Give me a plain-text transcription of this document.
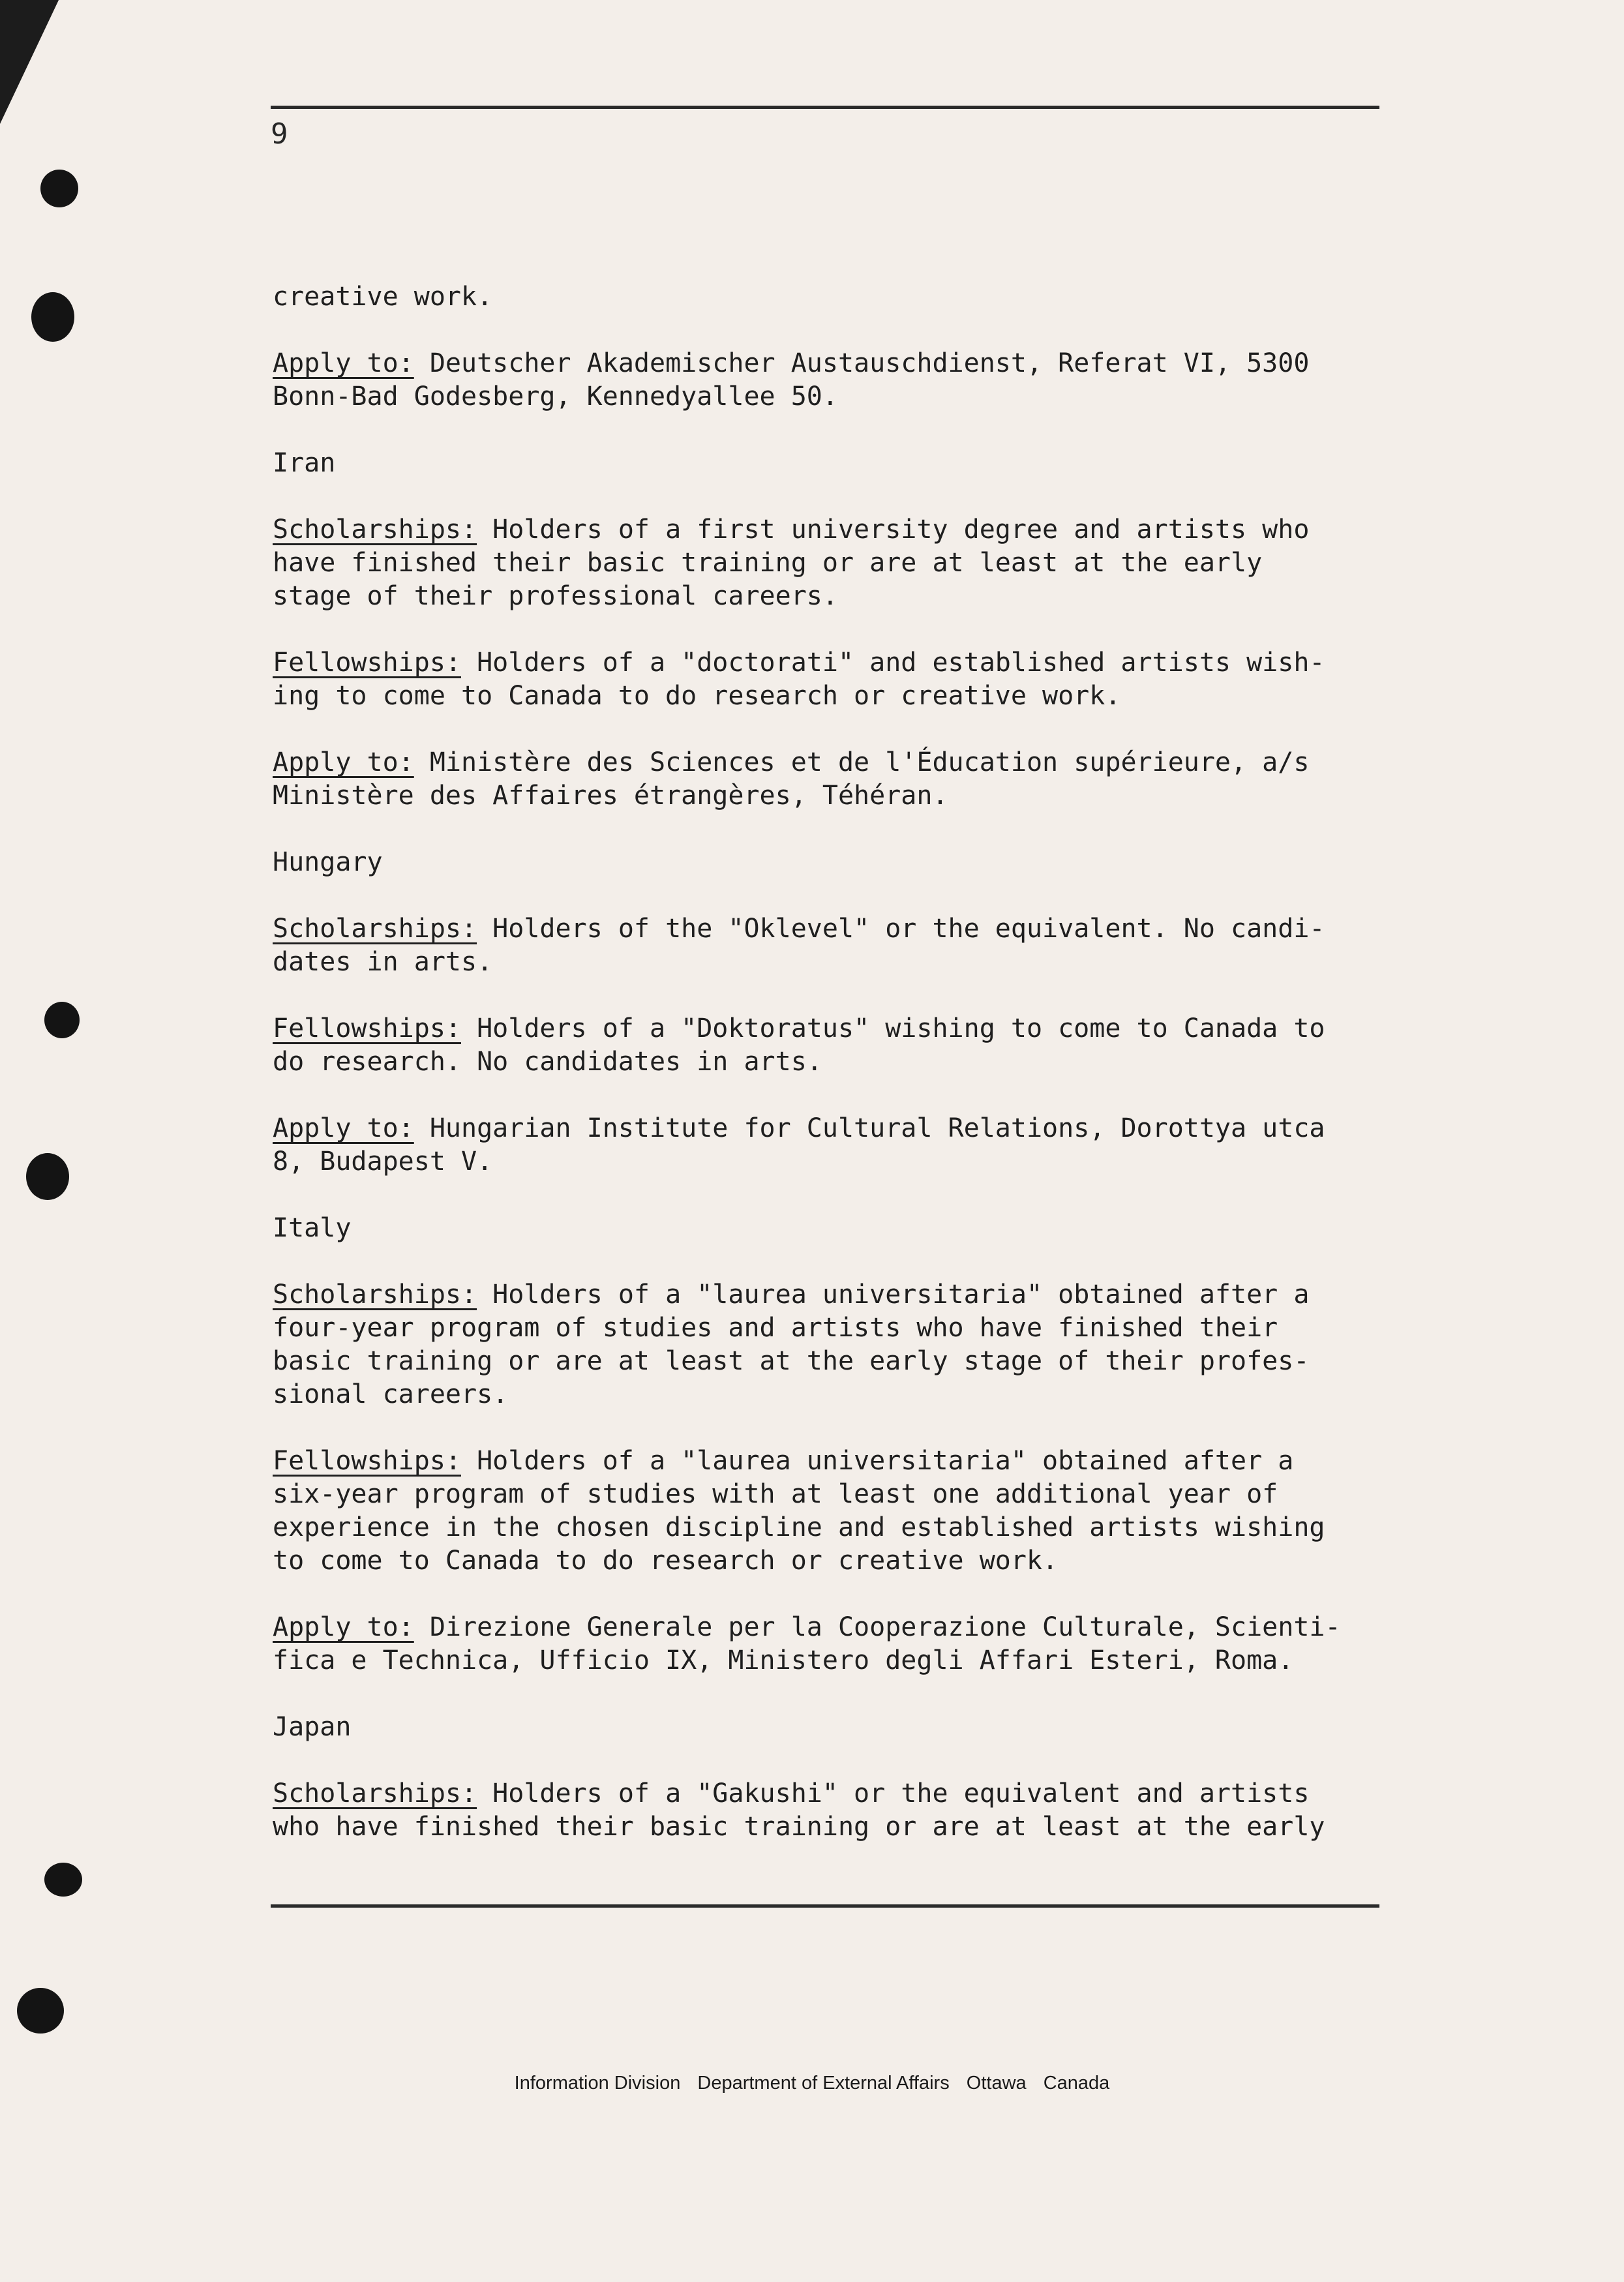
9

creative work.

Apply to: Deutscher Akademischer Austauschdienst, Referat VI, 5300
Bonn-Bad Godesberg, Kennedyallee 50.

Iran

Scholarships: Holders of a first university degree and artists who
have finished their basic training or are at least at the early
stage of their professional careers.

Fellowships: Holders of a "doctorati" and established artists wish-
ing to come to Canada to do research or creative work.

Apply to: Ministère des Sciences et de l'Éducation supérieure, a/s
Ministère des Affaires étrangères, Téhéran.

Hungary

Scholarships: Holders of the "Oklevel" or the equivalent. No candi-
dates in arts.

Fellowships: Holders of a "Doktoratus" wishing to come to Canada to
do research. No candidates in arts.

Apply to: Hungarian Institute for Cultural Relations, Dorottya utca
8, Budapest V.

Italy

Scholarships: Holders of a "laurea universitaria" obtained after a
four-year program of studies and artists who have finished their
basic training or are at least at the early stage of their profes-
sional careers.

Fellowships: Holders of a "laurea universitaria" obtained after a
six-year program of studies with at least one additional year of
experience in the chosen discipline and established artists wishing
to come to Canada to do research or creative work.

Apply to: Direzione Generale per la Cooperazione Culturale, Scienti-
fica e Technica, Ufficio IX, Ministero degli Affari Esteri, Roma.

Japan

Scholarships: Holders of a "Gakushi" or the equivalent and artists
who have finished their basic training or are at least at the early

Information Division Department of External Affairs Ottawa Canada
